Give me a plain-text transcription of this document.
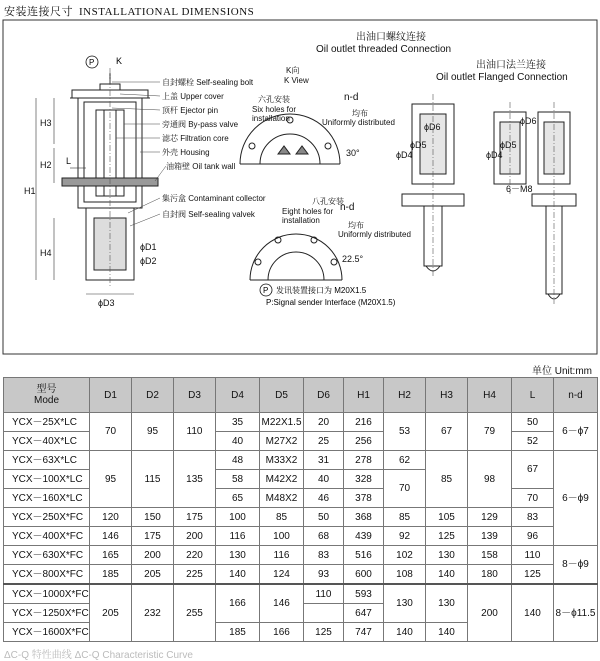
安装连接尺寸 INSTALLATIONAL DIMENSIONS
H1
H3
H2
H4
L
ϕD3
ϕD1
ϕD2
P K
自封螺栓 Self-sealing bolt
上盖 Upper cover
顶杆 Ejector pin
旁通阀 By-pass valve
滤芯 Filtration core
外壳 Housing
油箱壁 Oil tank wall
集污盒 Contaminant collector
自封阀 Self-sealing valvek
K向
K View
六孔安装
Six holes for
installation
n-d
均布
Uniformly distributed
30°
八孔安装
Eight holes for
installation
n-d
均布
Uniformly distributed
22.5°
P 发讯装置接口为 M20X1.5
P:Signal sender Interface (M20X1.5)
出油口螺纹连接
Oil outlet threaded Connection
出油口法兰连接
Oil outlet Flanged Connection
ϕD4
ϕD5
ϕD6
ϕD6
ϕD4
ϕD5
6－M8
单位 Unit:mm
型号
Mode	D1	D2	D3	D4	D5	D6	H1	H2	H3	H4	L	n-d
YCX－25X*LC	70	95	110	35	M22X1.5	20	216	53	67	79	50	6－ϕ7
YCX－40X*LC				40	M27X2	25	256				52	
YCX－63X*LC	95	115	135	48	M33X2	31	278	62	85	98	67	6－ϕ9
YCX－100X*LC				58	M42X2	40	328	70				
YCX－160X*LC				65	M48X2	46	378				70	
YCX－250X*FC	120	150	175	100	85	50	368	85	105	129	83	
YCX－400X*FC	146	175	200	116	100	68	439	92	125	139	96	
YCX－630X*FC	165	200	220	130	116	83	516	102	130	158	110	8－ϕ9
YCX－800X*FC	185	205	225	140	124	93	600	108	140	180	125	
YCX－1000X*FC	205	232	255	166	146	110	593	130	130	200	140	8－ϕ11.5
YCX－1250X*FC							647					
YCX－1600X*FC				185	166	125	747	140	140			
ΔC-Q 特性曲线 ΔC-Q Characteristic Curve
